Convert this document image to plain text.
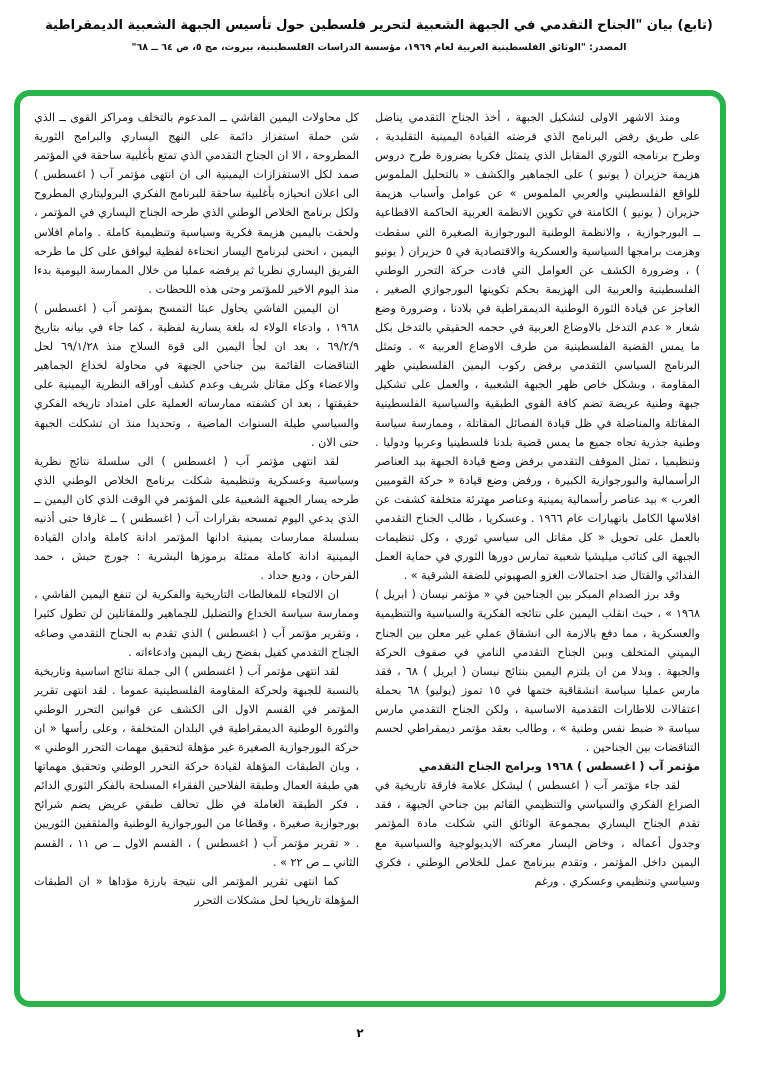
(تابع) بيان "الجناح التقدمي في الجبهة الشعبية لتحرير فلسطين حول تأسيس الجبهة الشعبية الديمقراطية
المصدر: "الوثائق الفلسطينية العربية لعام ١٩٦٩، مؤسسة الدراسات الفلسطينية، بيروت، مج ٥، ص ٦٤ ــ ٦٨"

ومنذ الاشهر الاولى لتشكيل الجبهة ، أخذ الجناح التقدمي يناضل على طريق رفض البرنامج الذي فرضته القيادة اليمينية التقليدية ، وطرح برنامجه الثوري المقابل الذي يتمثل فكريا بضرورة طرح دروس هزيمة حزيران ( يونيو ) على الجماهير والكشف « بالتحليل الملموس للواقع الفلسطيني والعربي الملموس » عن عوامل وأسباب هزيمة حزيران ( يونيو ) الكامنة في تكوين الانظمة العربية الحاكمة الاقطاعية ــ البورجوازية ، والانظمة الوطنية البورجوازية الصغيرة التي سقطت وهزمت برامجها السياسية والعسكرية والاقتصادية في ٥ حزيران ( يونيو ) ، وضرورة الكشف عن العوامل التي قادت حركة التحرر الوطني الفلسطينية والعربية الى الهزيمة بحكم تكوينها البورجوازي الصغير ، العاجز عن قيادة الثورة الوطنية الديمقراطية في بلادنا ، وضرورة وضع شعار « عدم التدخل بالاوضاع العربية في حجمه الحقيقي بالتدخل بكل ما يمس القضية الفلسطينية من طرف الاوضاع العربية » . وتمثل البرنامج السياسي التقدمي برفض ركوب اليمين الفلسطيني ظهر المقاومة ، وبشكل خاص ظهر الجبهة الشعبية ، والعمل على تشكيل جبهة وطنية عريضة تضم كافة القوى الطبقية والسياسية الفلسطينية المقاتلة والمناضلة في ظل قيادة الفصائل المقاتلة ، وممارسة سياسة وطنية جذرية تجاه جميع ما يمس قضية بلدنا فلسطينيا وعربيا ودوليا . وتنظيميا ، تمثل الموقف التقدمي برفض وضع قيادة الجبهة بيد العناصر الرأسمالية والبورجوازية الكبيرة ، ورفض وضع قيادة « حركة القوميين العرب » بيد عناصر رأسمالية يمينية وعناصر مهترئة متخلفة كشفت عن افلاسها الكامل بانهيارات عام ١٩٦٦ . وعسكريا ، طالب الجناح التقدمي بالعمل على تحويل « كل مقاتل الى سياسي ثوري ، وكل تنظيمات الجبهة الى كتائب ميليشيا شعبية تمارس دورها الثوري في حماية العمل الفدائي والقتال ضد احتمالات الغزو الصهيوني للضفة الشرقية » .

وقد برز الصدام المبكر بين الجناحين في « مؤتمر نيسان ( ابريل ) ١٩٦٨ » ، حيث انقلب اليمين على نتائجه الفكرية والسياسية والتنظيمية والعسكرية ، مما دفع بالازمة الى انشقاق عملي غير معلن بين الجناح اليميني المتخلف وبين الجناح التقدمي النامي في صفوف الحركة والجبهة . وبدلا من ان يلتزم اليمين بنتائج نيسان ( ابريل ) ٦٨ ، فقد مارس عمليا سياسة انشقاقية ختمها في ١٥ تموز (يوليو) ٦٨ بحملة اعتقالات للاطارات التقدمية الاساسية ، ولكن الجناح التقدمي مارس سياسة « ضبط نفس وطنية » ، وطالب بعقد مؤتمر ديمقراطي لحسم التناقضات بين الجناحين .

مؤتمر آب ( اغسطس ) ١٩٦٨ وبرامج الجناح التقدمي

لقد جاء مؤتمر آب ( اغسطس ) ليشكل علامة فارقة تاريخية في الصراع الفكري والسياسي والتنظيمي القائم بين جناحي الجبهة ، فقد تقدم الجناح اليساري بمجموعة الوثائق التي شكلت مادة المؤتمر وجدول أعماله ، وخاض اليسار معركته الايديولوجية والسياسية مع اليمين داخل المؤتمر ، وتقدم ببرنامج عمل للخلاص الوطني ، فكري وسياسي وتنظيمي وعسكري . ورغم

كل محاولات اليمين الفاشي ــ المدعوم بالتخلف ومراكز القوى ــ الذي شن حملة استفزاز دائمة على النهج اليساري والبرامج الثورية المطروحة ، الا ان الجناح التقدمي الذي تمتع بأغلبية ساحقة في المؤتمر صمد لكل الاستفزازات اليمينية الى ان انتهى مؤتمر آب ( اغسطس ) الى اعلان انحيازه بأغلبية ساحقة للبرنامج الفكري البروليتاري المطروح ولكل برنامج الخلاص الوطني الذي طرحه الجناح اليساري في المؤتمر ، ولحقت باليمين هزيمة فكرية وسياسية وتنظيمية كاملة . وامام افلاس اليمين ، انحنى لبرنامج اليسار انحناءة لفظية ليوافق على كل ما طرحه الفريق اليساري نظريا ثم يرفضه عمليا من خلال الممارسة اليومية بدءا منذ اليوم الاخير للمؤتمر وحتى هذه اللحظات .

ان اليمين الفاشي يحاول عبثا التمسح بمؤتمر آب ( اغسطس ) ١٩٦٨ ، وادعاء الولاء له بلغة يسارية لفظية ، كما جاء في بيانه بتاريخ ٦٩/٢/٩ ، بعد ان لجأ اليمين الى قوة السلاح منذ ٦٩/١/٢٨ لحل التناقضات القائمة بين جناحي الجبهة في محاولة لخداع الجماهير والاعضاء وكل مقاتل شريف وعدم كشف أوراقه النظرية اليمينية على حقيقتها ، بعد ان كشفته ممارساته العملية على امتداد تاريخه الفكري والسياسي طيلة السنوات الماضية ، وتحديدا منذ ان تشكلت الجبهة حتى الان .

لقد انتهى مؤتمر آب ( اغسطس ) الى سلسلة نتائج نظرية وسياسية وعسكرية وتنظيمية شكلت برنامج الخلاص الوطني الذي طرحه يسار الجبهة الشعبية على المؤتمر في الوقت الذي كان اليمين ــ الذي يدعي اليوم تمسحه بقرارات آب ( اغسطس ) ــ غارقا حتى أذنيه بسلسلة ممارسات يمينية ادانها المؤتمر ادانة كاملة وادان القيادة اليمينية ادانة كاملة ممثلة برموزها البشرية : جورج حبش ، حمد الفرحان ، وديع حداد .

ان الالتجاء للمغالطات التاريخية والفكرية لن تنفع اليمين الفاشي ، وممارسة سياسة الخداع والتضليل للجماهير وللمقاتلين لن تطول كثيرا ، وتقرير مؤتمر آب ( اغسطس ) الذي تقدم به الجناح التقدمي وصاغه الجناح التقدمي كفيل بفضح زيف اليمين وادعاءاته .

لقد انتهى مؤتمر آب ( اغسطس ) الى جملة نتائج اساسية وتاريخية بالنسبة للجبهة ولحركة المقاومة الفلسطينية عموما . لقد انتهى تقرير المؤتمر في القسم الاول الى الكشف عن قوانين التحرر الوطني والثورة الوطنية الديمقراطية في البلدان المتخلفة ، وعلى رأسها « ان حركة البورجوازية الصغيرة غير مؤهلة لتحقيق مهمات التحرر الوطني » ، وبان الطبقات المؤهلة لقيادة حركة التحرر الوطني وتحقيق مهماتها هي طبقة العمال وطبقة الفلاحين الفقراء المسلحة بالفكر الثوري الدائم ، فكر الطبقة العاملة في ظل تحالف طبقي عريض يضم شرائح بورجوازية صغيرة ، وقطاعا من البورجوازية الوطنية والمثقفين الثوريين . « تقرير مؤتمر آب ( اغسطس ) ، القسم الاول ــ ص ١١ ، القسم الثاني ــ ص ٢٢ » .

كما انتهى تقرير المؤتمر الى نتيجة بارزة مؤداها « ان الطبقات المؤهلة تاريخيا لحل مشكلات التحرر

٢
